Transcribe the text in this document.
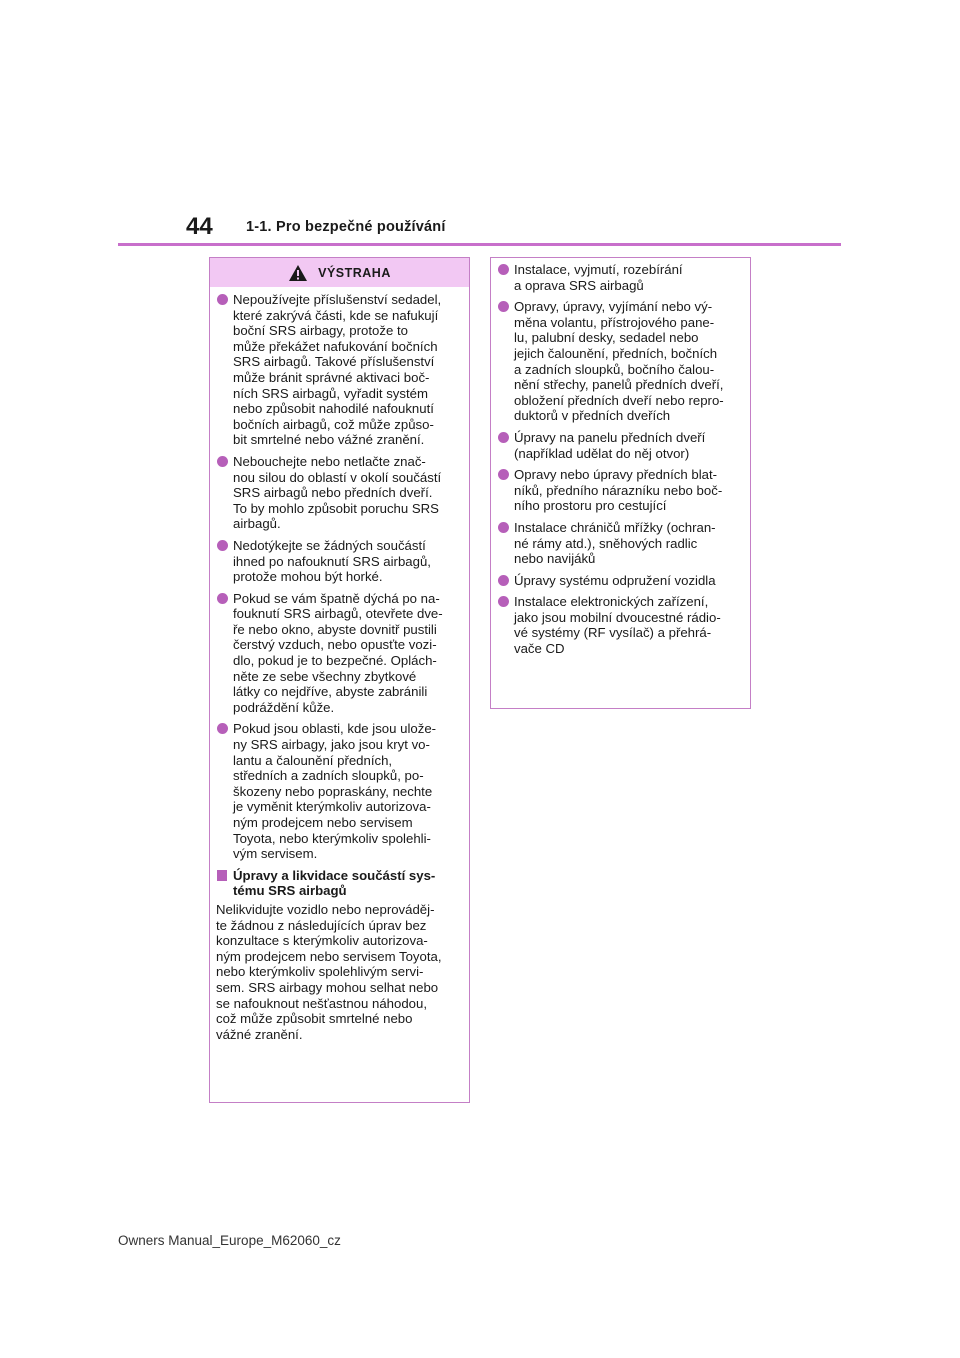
44 1-1. Pro bezpečné používání
VÝSTRAHA
Nepoužívejte příslušenství sedadel,
které zakrývá části, kde se nafukují
boční SRS airbagy, protože to
může překážet nafukování bočních
SRS airbagů. Takové příslušenství
může bránit správné aktivaci boč-
ních SRS airbagů, vyřadit systém
nebo způsobit nahodilé nafouknutí
bočních airbagů, což může způso-
bit smrtelné nebo vážné zranění.
Nebouchejte nebo netlačte znač-
nou silou do oblastí v okolí součástí
SRS airbagů nebo předních dveří.
To by mohlo způsobit poruchu SRS
airbagů.
Nedotýkejte se žádných součástí
ihned po nafouknutí SRS airbagů,
protože mohou být horké.
Pokud se vám špatně dýchá po na-
fouknutí SRS airbagů, otevřete dve-
ře nebo okno, abyste dovnitř pustili
čerstvý vzduch, nebo opusťte vozi-
dlo, pokud je to bezpečné. Oplách-
něte ze sebe všechny zbytkové
látky co nejdříve, abyste zabránili
podráždění kůže.
Pokud jsou oblasti, kde jsou ulože-
ny SRS airbagy, jako jsou kryt vo-
lantu a čalounění předních,
středních a zadních sloupků, po-
škozeny nebo popraskány, nechte
je vyměnit kterýmkoliv autorizova-
ným prodejcem nebo servisem
Toyota, nebo kterýmkoliv spolehli-
vým servisem.
Úpravy a likvidace součástí sys-
tému SRS airbagů
Nelikvidujte vozidlo nebo neprováděj-
te žádnou z následujících úprav bez
konzultace s kterýmkoliv autorizova-
ným prodejcem nebo servisem Toyota,
nebo kterýmkoliv spolehlivým servi-
sem. SRS airbagy mohou selhat nebo
se nafouknout nešťastnou náhodou,
což může způsobit smrtelné nebo
vážné zranění.
Instalace, vyjmutí, rozebírání
a oprava SRS airbagů
Opravy, úpravy, vyjímání nebo vý-
měna volantu, přístrojového pane-
lu, palubní desky, sedadel nebo
jejich čalounění, předních, bočních
a zadních sloupků, bočního čalou-
nění střechy, panelů předních dveří,
obložení předních dveří nebo repro-
duktorů v předních dveřích
Úpravy na panelu předních dveří
(například udělat do něj otvor)
Opravy nebo úpravy předních blat-
níků, předního nárazníku nebo boč-
ního prostoru pro cestující
Instalace chráničů mřížky (ochran-
né rámy atd.), sněhových radlic
nebo navijáků
Úpravy systému odpružení vozidla
Instalace elektronických zařízení,
jako jsou mobilní dvoucestné rádio-
vé systémy (RF vysílač) a přehrá-
vače CD
Owners Manual_Europe_M62060_cz
